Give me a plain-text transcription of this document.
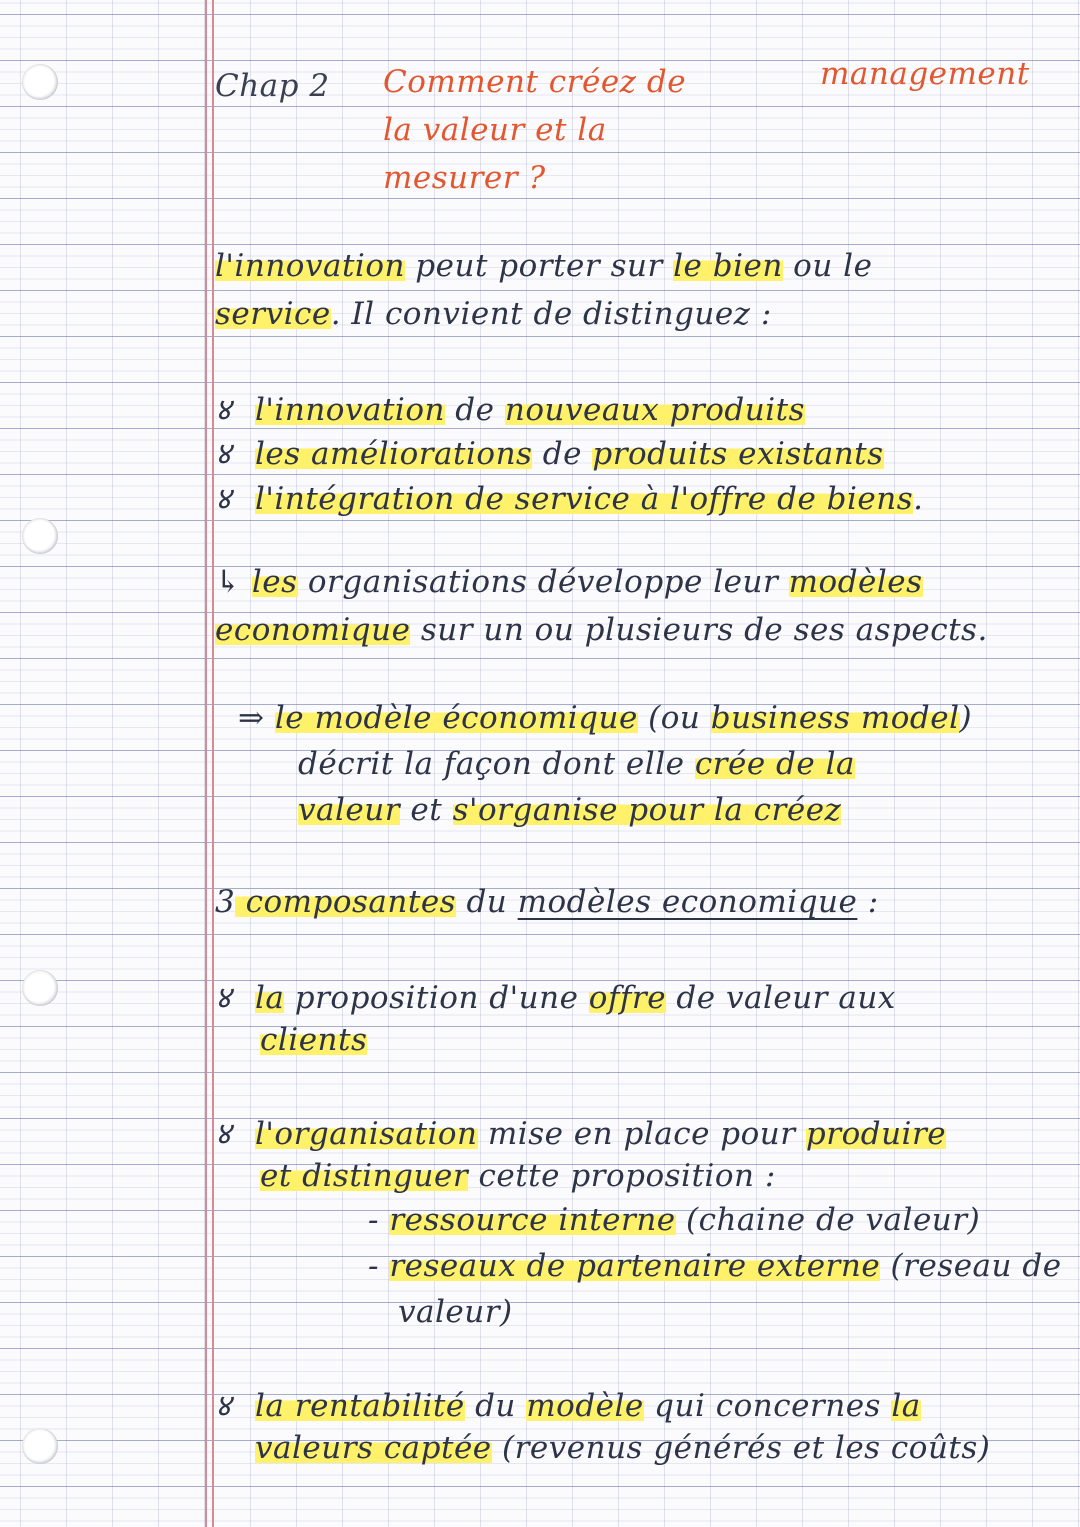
Chap 2 Comment créez de	management
la valeur et la
mesurer ?
l'innovation peut porter sur le bien ou le
service. Il convient de distinguez :
४ l'innovation de nouveaux produits
४ les améliorations de produits existants
४ l'intégration de service à l'offre de biens.
↳ les organisations développe leur modèles
economique sur un ou plusieurs de ses aspects.
⇒ le modèle économique (ou business model)
décrit la façon dont elle crée de la
valeur et s'organise pour la créez
3 composantes du modèles economique :
४ la proposition d'une offre de valeur aux
clients
४ l'organisation mise en place pour produire
et distinguer cette proposition :
- ressource interne (chaine de valeur)
- reseaux de partenaire externe (reseau de
valeur)
४ la rentabilité du modèle qui concernes la
valeurs captée (revenus générés et les coûts)
